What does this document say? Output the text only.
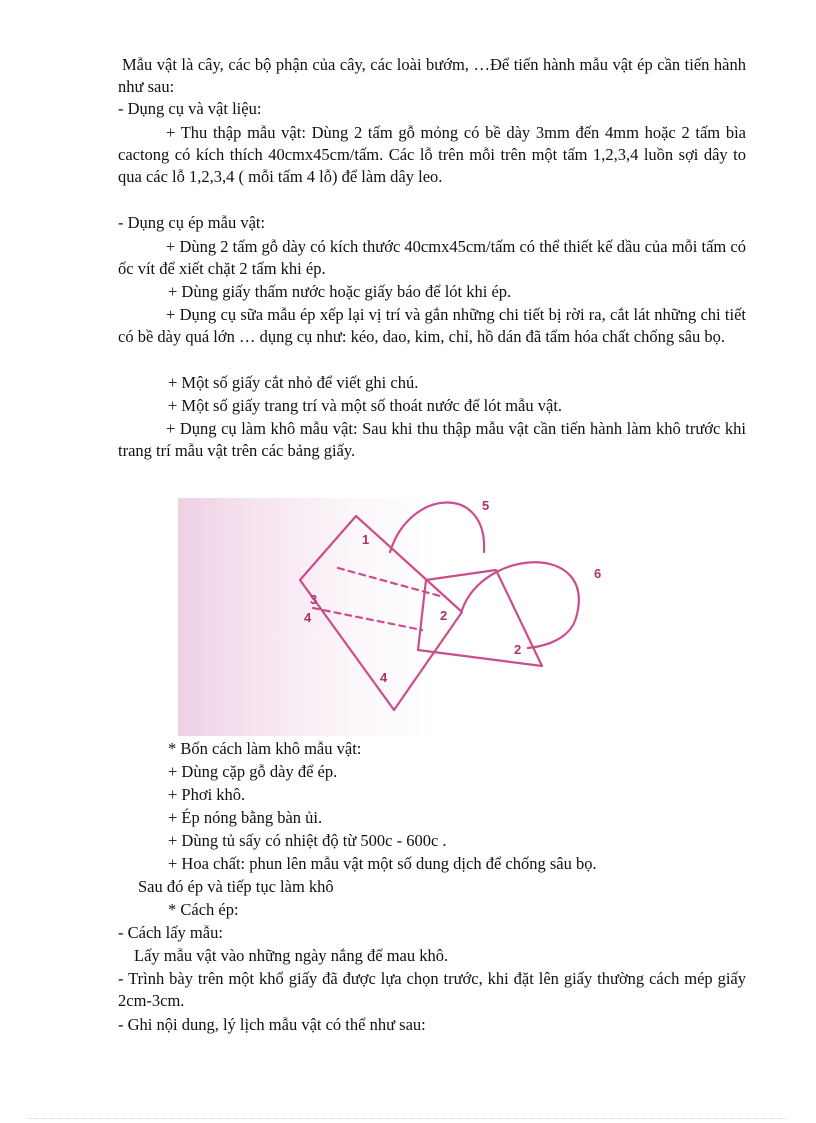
Mẫu vật là cây, các bộ phận của cây, các loài bướm, …Để tiến hành mẫu vật ép cần tiến hành như sau:

- Dụng cụ và vật liệu:

+ Thu thập mẫu vật: Dùng 2 tấm gỗ mỏng có bề dày 3mm đến 4mm hoặc 2 tấm bìa cactong có kích thích 40cmx45cm/tấm. Các lỗ trên mỗi trên một tấm 1,2,3,4 luồn sợi dây to qua các lỗ 1,2,3,4 ( mỗi tấm 4 lỗ) để làm dây leo.

- Dụng cụ ép mẫu vật:

+ Dùng 2 tấm gỗ dày có kích thước 40cmx45cm/tấm có thể thiết kế dầu của mỗi tấm có ốc vít để xiết chặt 2 tấm khi ép.

+ Dùng giấy thấm nước hoặc giấy báo để lót khi ép.

+ Dụng cụ sữa mẫu ép xếp lại vị trí và gắn những chi tiết bị rời ra, cắt lát những chi tiết có bề dày quá lớn … dụng cụ như: kéo, dao, kim, chỉ, hồ dán đã tẩm hóa chất chống sâu bọ.

+ Một số giấy cắt nhỏ để viết ghi chú.

+ Một số giấy trang trí và một số thoát nước để lót mẫu vật.

+ Dụng cụ làm khô mẫu vật: Sau khi thu thập mẫu vật cần tiến hành làm khô trước khi trang trí mẫu vật trên các bảng giấy.

1
2
3
4
5
6
4	2

* Bốn cách làm khô mẫu vật:

+ Dùng cặp gỗ dày để ép.

+ Phơi khô.

+ Ép nóng bằng bàn ủi.

+ Dùng tủ sấy có nhiệt độ từ 500c - 600c .

+ Hoa chất: phun lên mẫu vật một số dung dịch để chống sâu bọ.

Sau đó ép và tiếp tục làm khô

* Cách ép:

- Cách lấy mẫu:

Lấy mẫu vật vào những ngày nắng để mau khô.

- Trình bày trên một khổ giấy đã được lựa chọn trước, khi đặt lên giấy thường cách mép giấy 2cm-3cm.

- Ghi nội dung, lý lịch mẫu vật có thể như sau:
